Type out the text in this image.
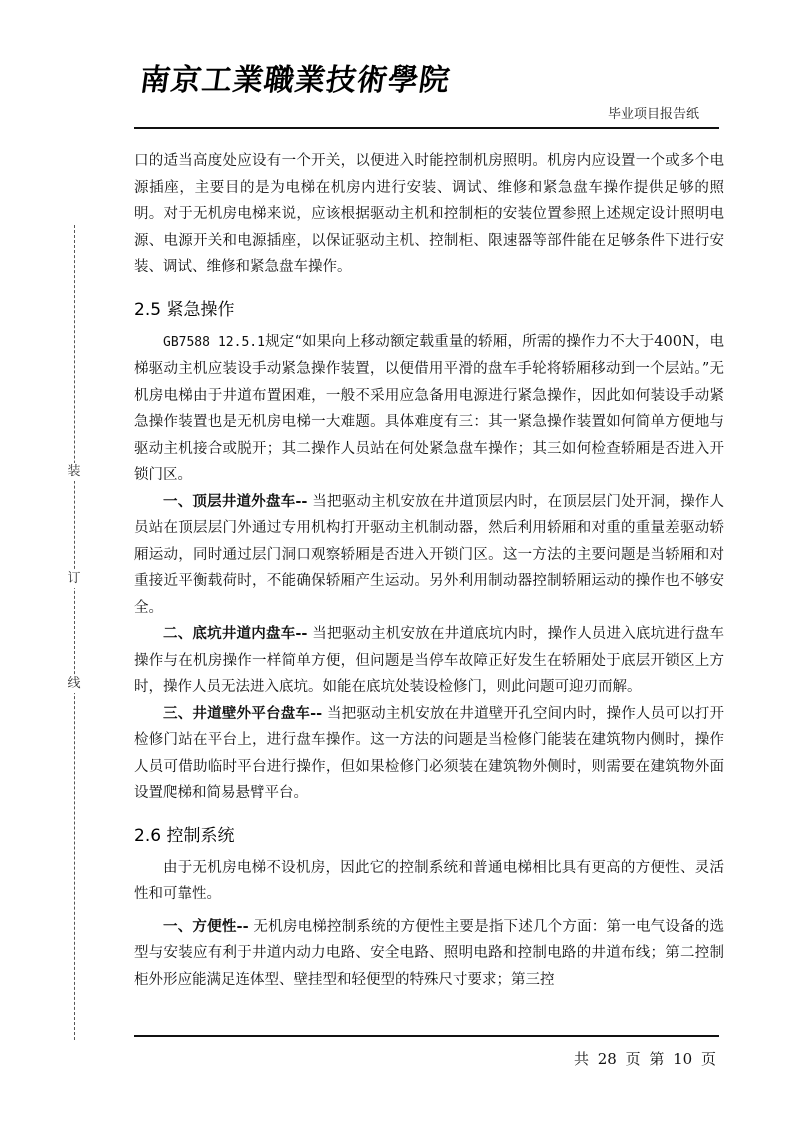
南京工業職業技術學院
毕业项目报告纸
装
订
线

口的适当高度处应设有一个开关，以便进入时能控制机房照明。机房内应设置一个或多个电源插座，主要目的是为电梯在机房内进行安装、调试、维修和紧急盘车操作提供足够的照明。对于无机房电梯来说，应该根据驱动主机和控制柜的安装位置参照上述规定设计照明电源、电源开关和电源插座，以保证驱动主机、控制柜、限速器等部件能在足够条件下进行安装、调试、维修和紧急盘车操作。

2.5 紧急操作

GB7588 12.5.1规定“如果向上移动额定载重量的轿厢，所需的操作力不大于400N，电梯驱动主机应装设手动紧急操作装置，以便借用平滑的盘车手轮将轿厢移动到一个层站。”无机房电梯由于井道布置困难，一般不采用应急备用电源进行紧急操作，因此如何装设手动紧急操作装置也是无机房电梯一大难题。具体难度有三：其一紧急操作装置如何简单方便地与驱动主机接合或脱开；其二操作人员站在何处紧急盘车操作；其三如何检查轿厢是否进入开锁门区。

一、顶层井道外盘车-- 当把驱动主机安放在井道顶层内时，在顶层层门处开洞，操作人员站在顶层层门外通过专用机构打开驱动主机制动器，然后利用轿厢和对重的重量差驱动轿厢运动，同时通过层门洞口观察轿厢是否进入开锁门区。这一方法的主要问题是当轿厢和对重接近平衡载荷时，不能确保轿厢产生运动。另外利用制动器控制轿厢运动的操作也不够安全。

二、底坑井道内盘车-- 当把驱动主机安放在井道底坑内时，操作人员进入底坑进行盘车操作与在机房操作一样简单方便，但问题是当停车故障正好发生在轿厢处于底层开锁区上方时，操作人员无法进入底坑。如能在底坑处装设检修门，则此问题可迎刃而解。

三、井道壁外平台盘车-- 当把驱动主机安放在井道壁开孔空间内时，操作人员可以打开检修门站在平台上，进行盘车操作。这一方法的问题是当检修门能装在建筑物内侧时，操作人员可借助临时平台进行操作，但如果检修门必须装在建筑物外侧时，则需要在建筑物外面设置爬梯和简易悬臂平台。

2.6 控制系统

由于无机房电梯不设机房，因此它的控制系统和普通电梯相比具有更高的方便性、灵活性和可靠性。

一、方便性-- 无机房电梯控制系统的方便性主要是指下述几个方面：第一电气设备的选型与安装应有利于井道内动力电路、安全电路、照明电路和控制电路的井道布线；第二控制柜外形应能满足连体型、壁挂型和轻便型的特殊尺寸要求；第三控

共 28 页 第 10 页
